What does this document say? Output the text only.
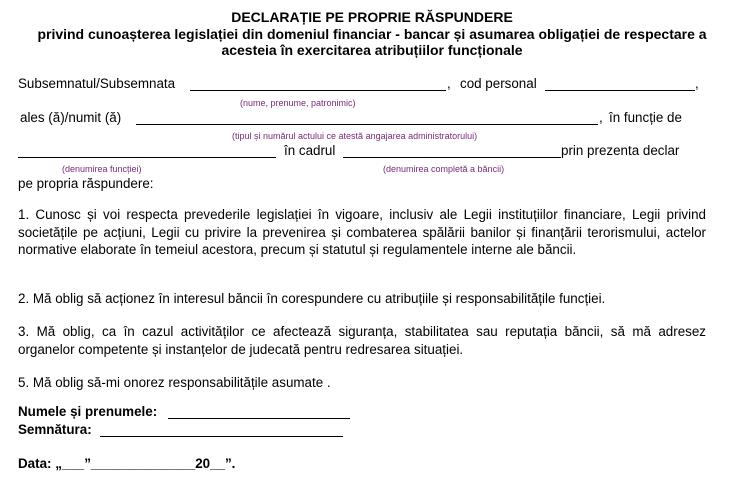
DECLARAȚIE PE PROPRIE RĂSPUNDERE
privind cunoașterea legislației din domeniul financiar - bancar și asumarea obligației de respectare a
acesteia în exercitarea atribuțiilor funcționale
Subsemnatul/Subsemnata	, cod personal	,
(nume, prenume, patronimic)
ales (ă)/numit (ă)	, în funcție de
(tipul și numărul actului ce atestă angajarea administratorului)
în cadrul	prin prezenta declar
(denumirea funcției)	(denumirea completă a băncii)
pe propria răspundere:
1. Cunosc și voi respecta prevederile legislației în vigoare, inclusiv ale Legii instituțiilor financiare, Legii privind societățile pe acțiuni, Legii cu privire la prevenirea și combaterea spălării banilor și finanțării terorismului, actelor normative elaborate în temeiul acestora, precum și statutul și regulamentele interne ale băncii.
2. Mă oblig să acționez în interesul băncii în corespundere cu atribuțiile și responsabilitățile funcției.
3. Mă oblig, ca în cazul activităților ce afectează siguranța, stabilitatea sau reputația băncii, să mă adresez organelor competente și instanțelor de judecată pentru redresarea situației.
5. Mă oblig să-mi onorez responsabilitățile asumate .
Numele și prenumele:
Semnătura:
Data: „___”______________20__”.
